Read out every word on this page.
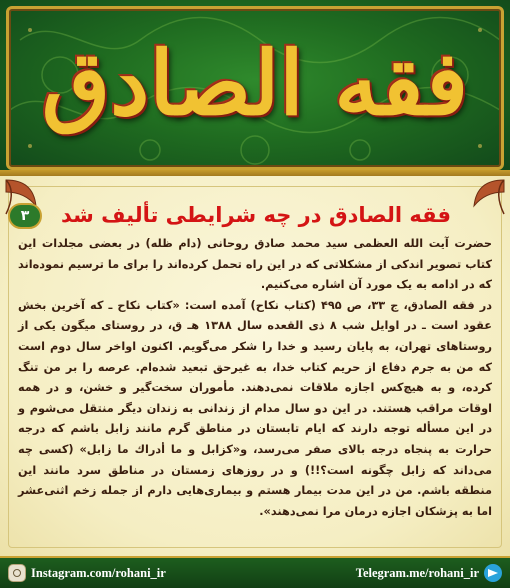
فقه الصادق
۳	فقه الصادق در چه شرایطی تألیف شد

حضرت آیت الله العظمی سید محمد صادق روحانی (دام ظله) در بعضی مجلدات این کتاب تصویر اندکی از مشکلاتی که در این راه تحمل کرده‌اند را برای ما ترسیم نموده‌اند که در ادامه به یک مورد آن اشاره می‌کنیم.

در فقه الصادق، ج ۳۳، ص ۴۹۵ (کتاب نکاح) آمده است: «کتاب نکاح ـ که آخرین بخش عقود است ـ در اوایل شب ۸ ذی القعده سال ۱۳۸۸ هـ ق، در روستای میگون یکی از روستاهای تهران، به پایان رسید و خدا را شکر می‌گویم. اکنون اواخر سال دوم است که من به جرم دفاع از حریم کتاب خدا، به غیرحق تبعید شده‌ام. عرصه را بر من تنگ کرده، و به هیچ‌کس اجازه ملاقات نمی‌دهند. مأموران سخت‌گیر و خشن، و در همه اوقات مراقب هستند. در این دو سال مدام از زندانی به زندان دیگر منتقل می‌شوم و در این مسأله توجه دارند که ایام تابستان در مناطق گرم مانند زابل باشم که درجه حرارت به پنجاه درجه بالای صفر می‌رسد، و«کزابل و ما أدراك ما زابل» (کسی چه می‌داند که زابل چگونه است؟!!) و در روزهای زمستان در مناطق سرد مانند این منطقه باشم. من در این مدت بیمار هستم و بیماری‌هایی دارم از جمله زخم اثنی‌عشر اما به پزشکان اجازه درمان مرا نمی‌دهند».

Instagram.com/rohani_ir	Telegram.me/rohani_ir
